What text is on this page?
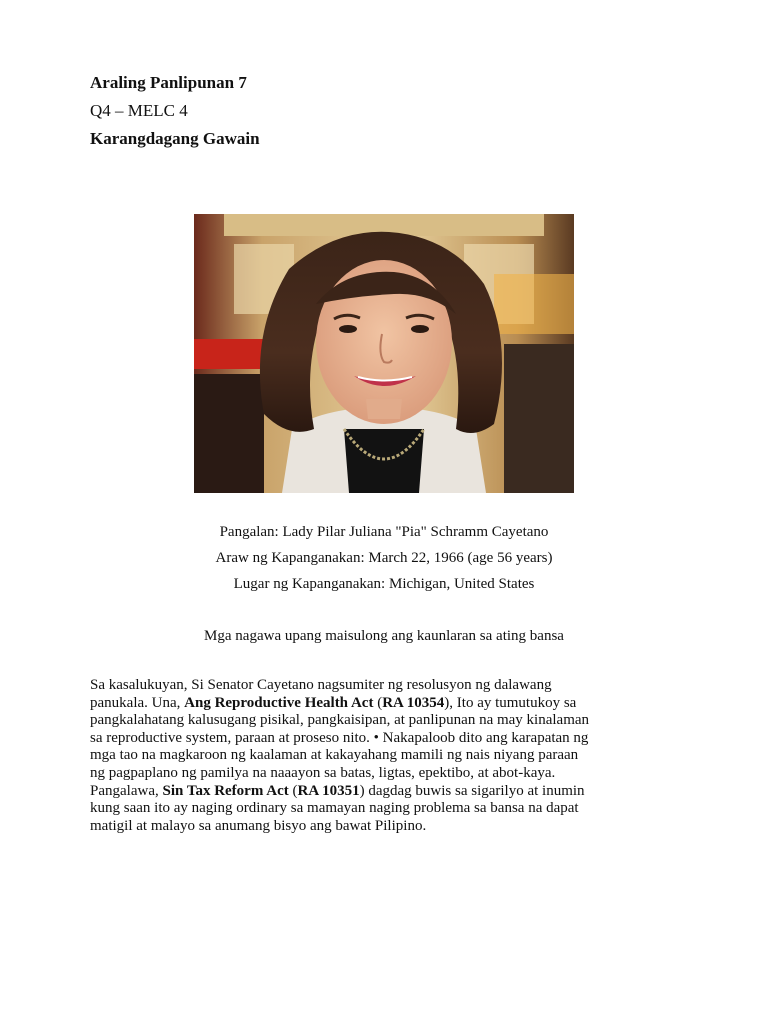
Araling Panlipunan 7
Q4 – MELC 4
Karangdagang Gawain
Pangalan: Lady Pilar Juliana "Pia" Schramm Cayetano
Araw ng Kapanganakan: March 22, 1966 (age 56 years)
Lugar ng Kapanganakan: Michigan, United States
Mga nagawa upang maisulong ang kaunlaran sa ating bansa
Sa kasalukuyan, Si Senator Cayetano nagsumiter ng resolusyon ng dalawang
panukala. Una, Ang Reproductive Health Act (RA 10354), Ito ay tumutukoy sa
pangkalahatang kalusugang pisikal, pangkaisipan, at panlipunan na may kinalaman
sa reproductive system, paraan at proseso nito. • Nakapaloob dito ang karapatan ng
mga tao na magkaroon ng kaalaman at kakayahang mamili ng nais niyang paraan
ng pagpaplano ng pamilya na naaayon sa batas, ligtas, epektibo, at abot-kaya.
Pangalawa, Sin Tax Reform Act (RA 10351) dagdag buwis sa sigarilyo at inumin
kung saan ito ay naging ordinary sa mamayan naging problema sa bansa na dapat
matigil at malayo sa anumang bisyo ang bawat Pilipino.
